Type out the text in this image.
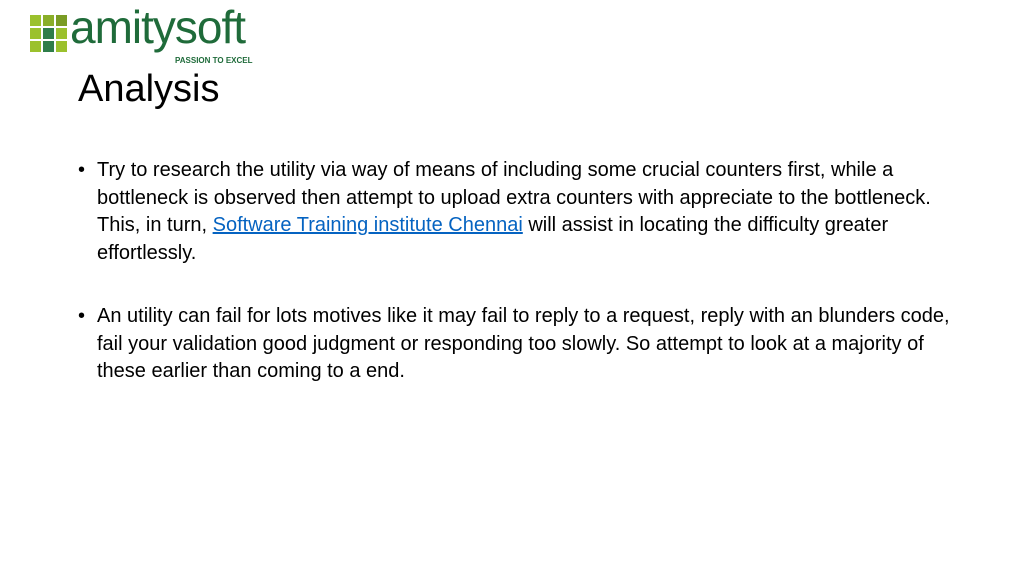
amitysoft
PASSION TO EXCEL
Analysis
• Try to research the utility via way of means of including some crucial counters first, while a bottleneck is observed then attempt to upload extra counters with appreciate to the bottleneck. This, in turn, Software Training institute Chennai will assist in locating the difficulty greater effortlessly.
• An utility can fail for lots motives like it may fail to reply to a request, reply with an blunders code, fail your validation good judgment or responding too slowly. So attempt to look at a majority of these earlier than coming to a end.
